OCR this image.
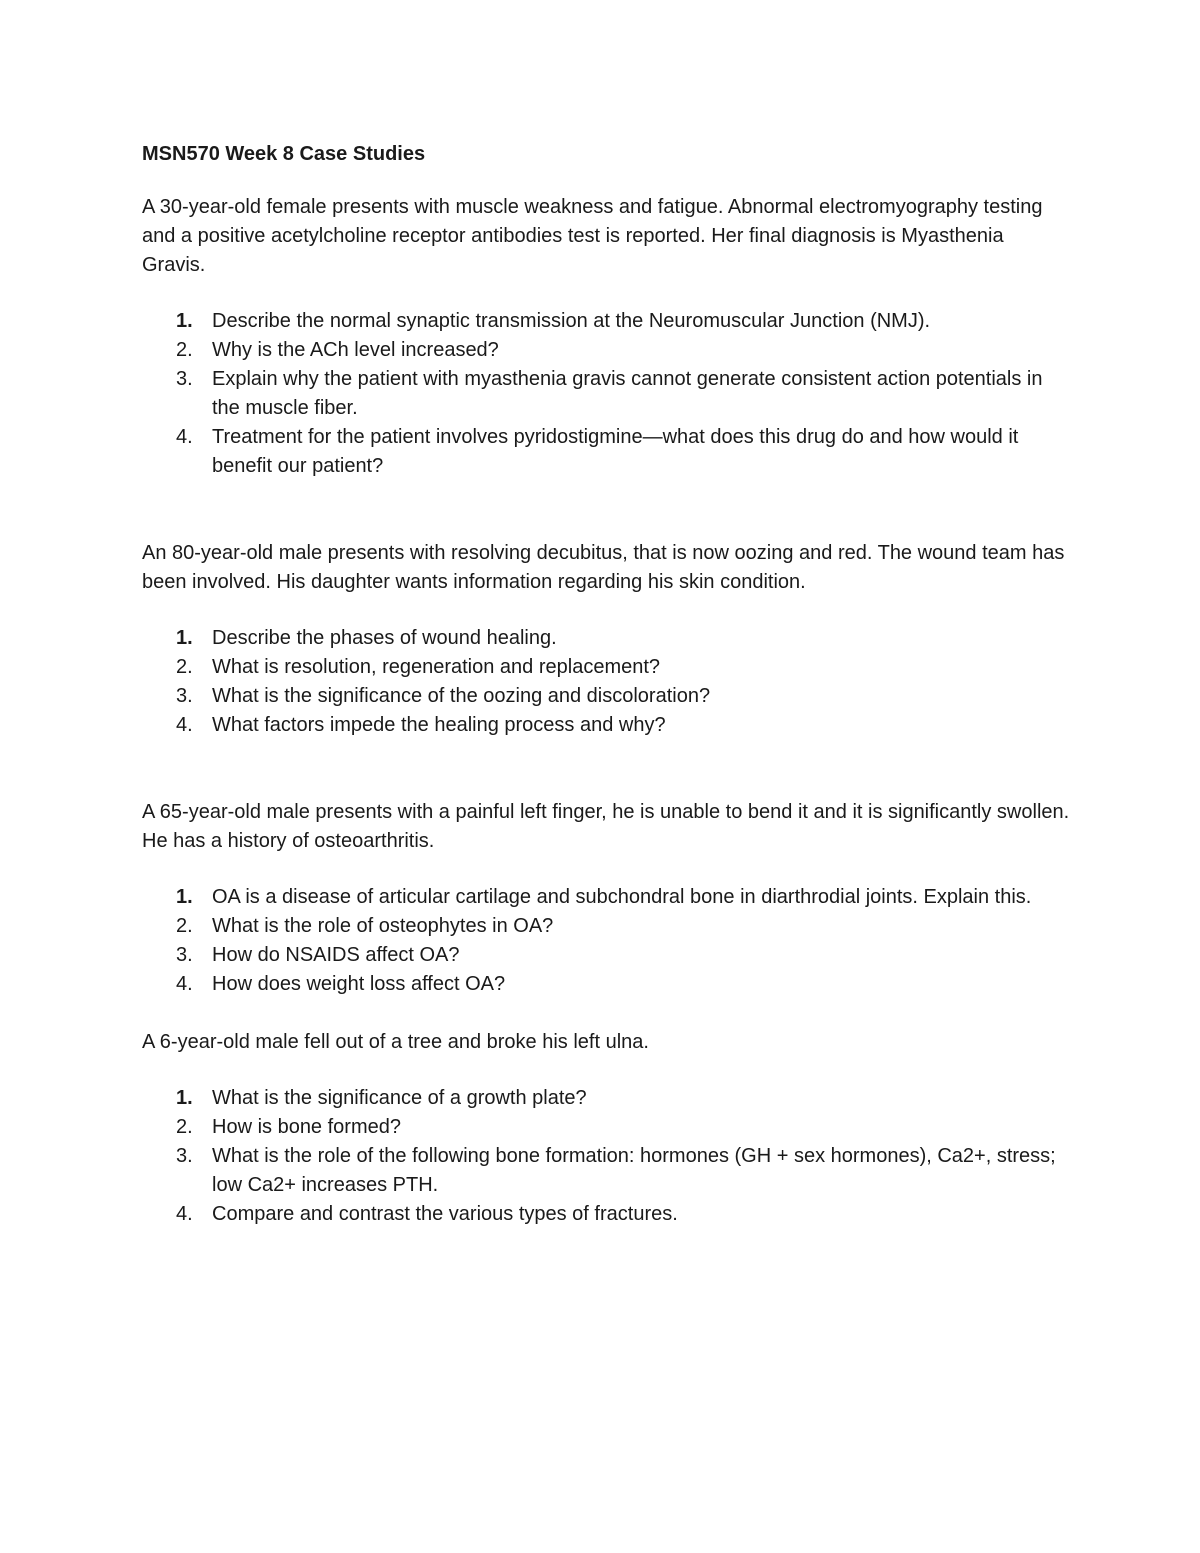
MSN570 Week 8 Case Studies

A 30-year-old female presents with muscle weakness and fatigue. Abnormal electromyography testing and a positive acetylcholine receptor antibodies test is reported. Her final diagnosis is Myasthenia Gravis.

1. Describe the normal synaptic transmission at the Neuromuscular Junction (NMJ).
2. Why is the ACh level increased?
3. Explain why the patient with myasthenia gravis cannot generate consistent action potentials in the muscle fiber.
4. Treatment for the patient involves pyridostigmine—what does this drug do and how would it benefit our patient?

An 80-year-old male presents with resolving decubitus, that is now oozing and red. The wound team has been involved. His daughter wants information regarding his skin condition.

1. Describe the phases of wound healing.
2. What is resolution, regeneration and replacement?
3. What is the significance of the oozing and discoloration?
4. What factors impede the healing process and why?

A 65-year-old male presents with a painful left finger, he is unable to bend it and it is significantly swollen. He has a history of osteoarthritis.

1. OA is a disease of articular cartilage and subchondral bone in diarthrodial joints. Explain this.
2. What is the role of osteophytes in OA?
3. How do NSAIDS affect OA?
4. How does weight loss affect OA?

A 6-year-old male fell out of a tree and broke his left ulna.

1. What is the significance of a growth plate?
2. How is bone formed?
3. What is the role of the following bone formation: hormones (GH + sex hormones), Ca2+, stress; low Ca2+ increases PTH.
4. Compare and contrast the various types of fractures.
